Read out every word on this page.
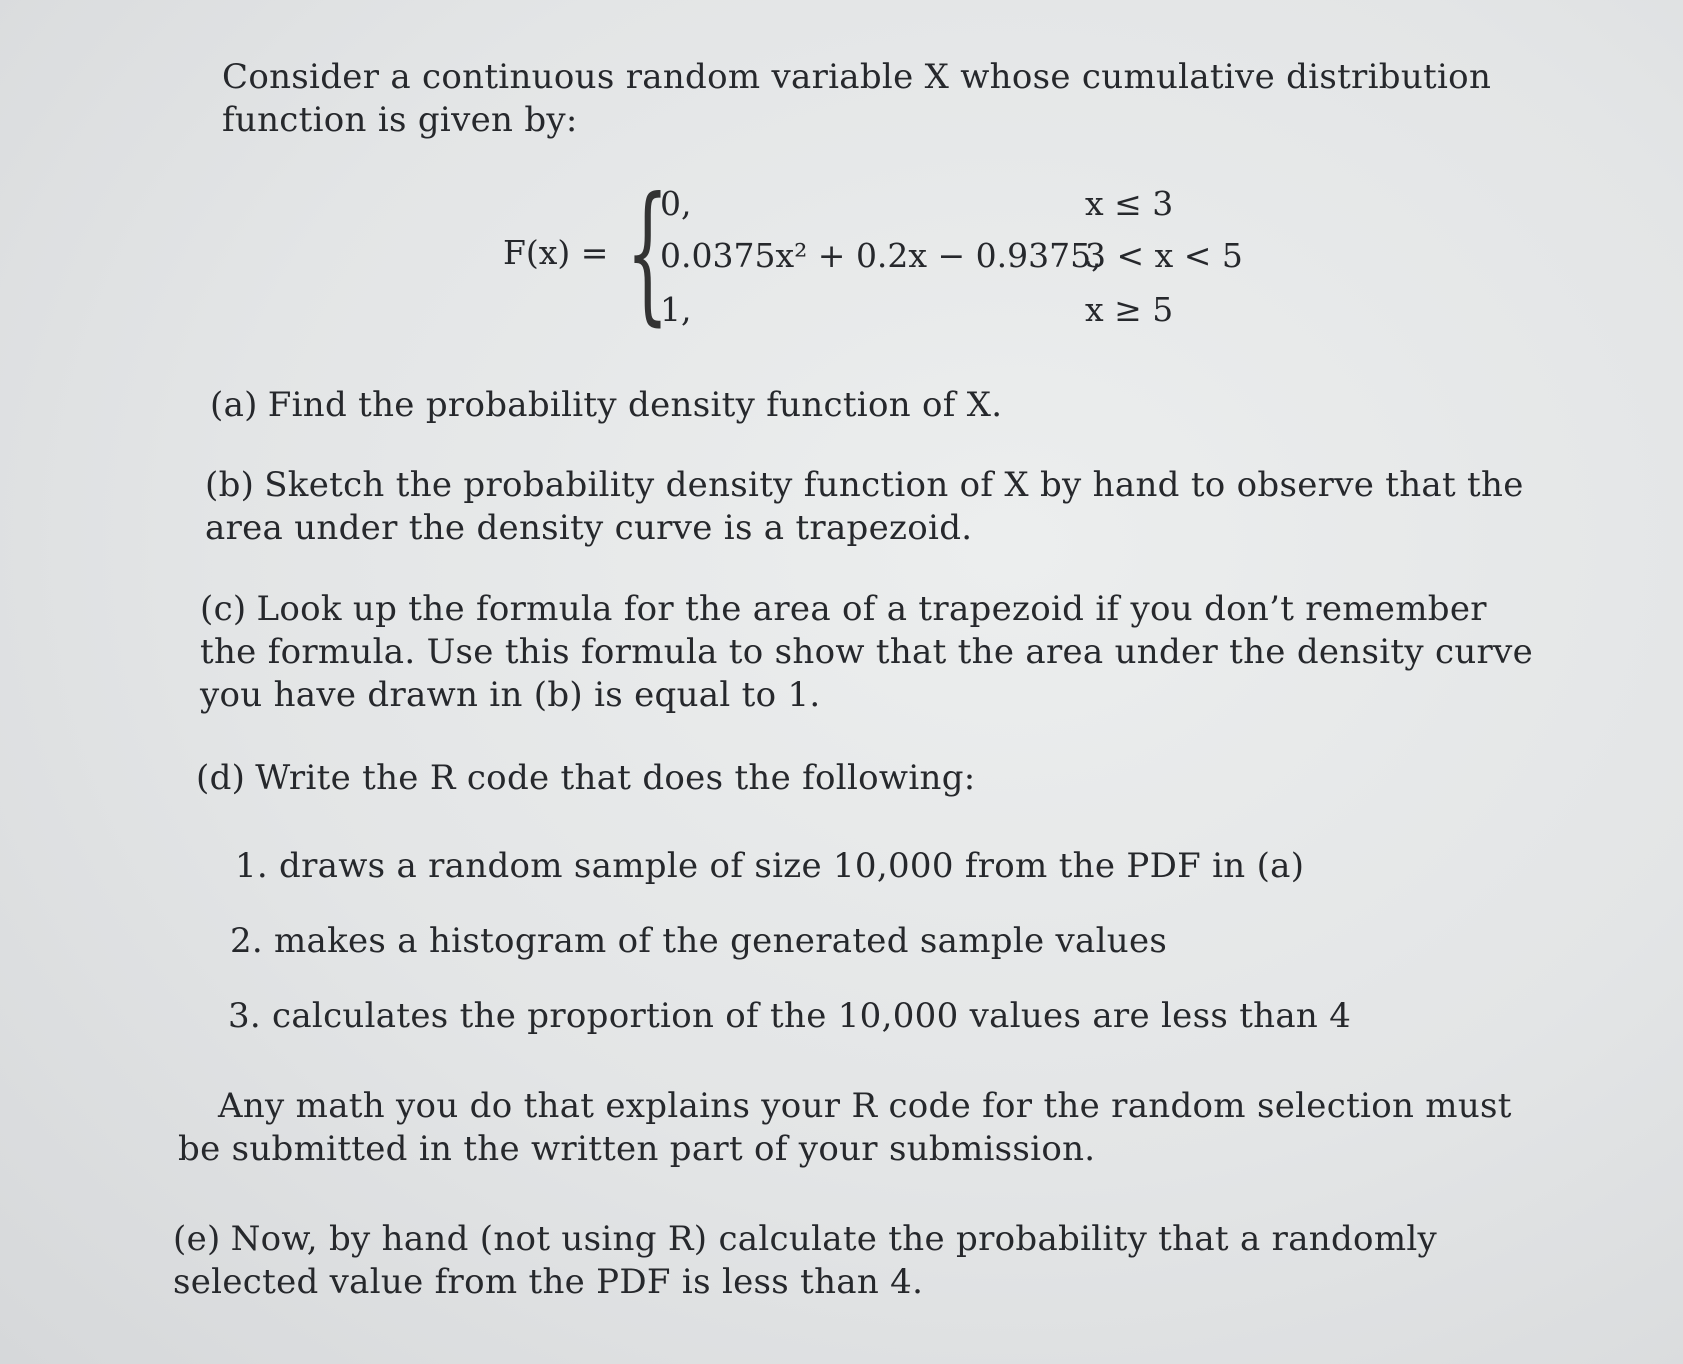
Consider a continuous random variable X whose cumulative distribution function is given by:
F(x) = {
0,	x ≤ 3
0.0375x² + 0.2x − 0.9375,
3 < x < 5
1,	x ≥ 5
(a) Find the probability density function of X.
(b) Sketch the probability density function of X by hand to observe that the area under the density curve is a trapezoid.
(c) Look up the formula for the area of a trapezoid if you don’t remember the formula. Use this formula to show that the area under the density curve you have drawn in (b) is equal to 1.
(d) Write the R code that does the following:
1. draws a random sample of size 10,000 from the PDF in (a)
2. makes a histogram of the generated sample values
3. calculates the proportion of the 10,000 values are less than 4
Any math you do that explains your R code for the random selection must be submitted in the written part of your submission.
(e) Now, by hand (not using R) calculate the probability that a randomly selected value from the PDF is less than 4.
